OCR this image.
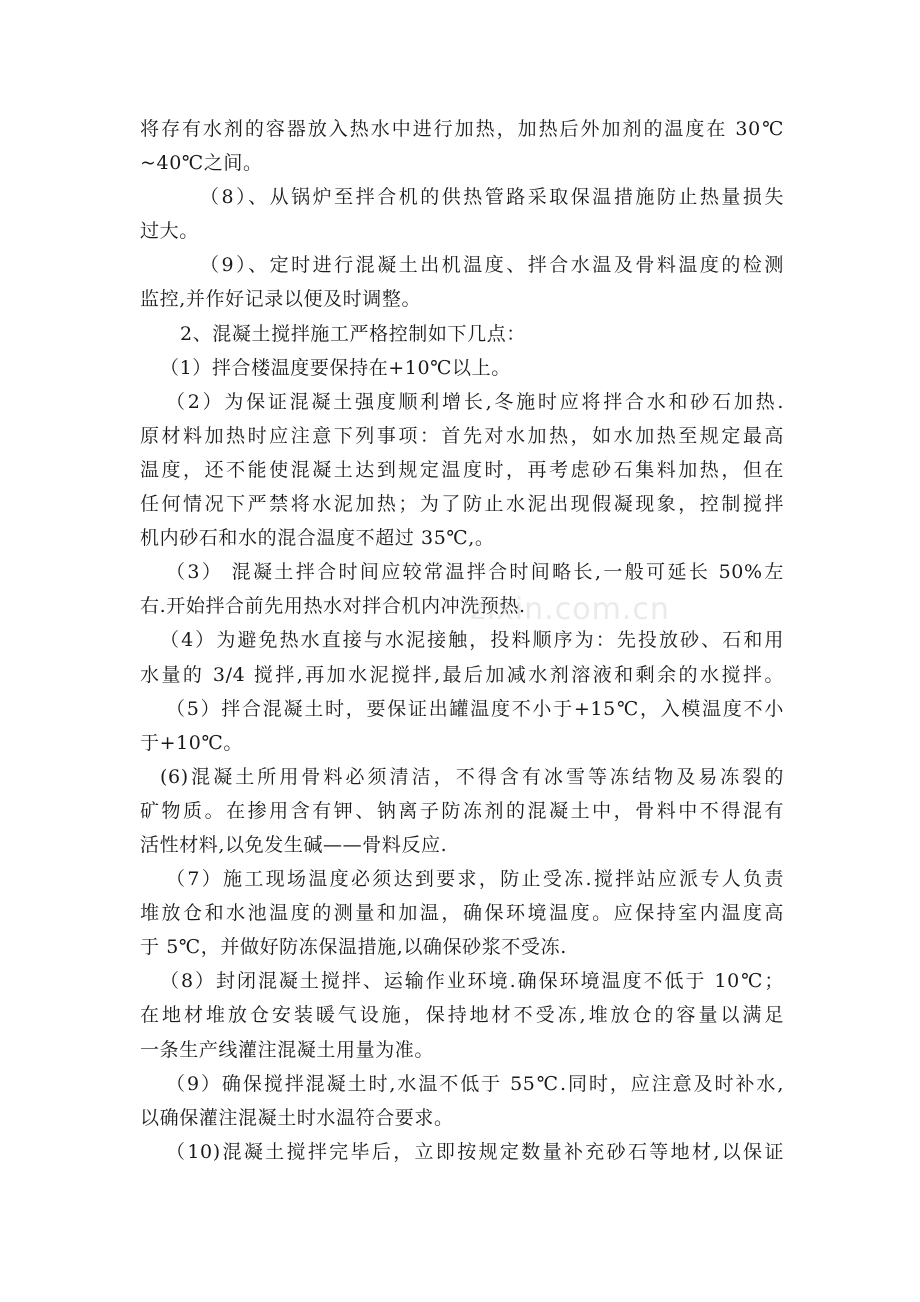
将存有水剂的容器放入热水中进行加热，加热后外加剂的温度在 30℃
~40℃之间。
（8）、从锅炉至拌合机的供热管路采取保温措施防止热量损失
过大。
（9）、定时进行混凝土出机温度、拌合水温及骨料温度的检测
监控,并作好记录以便及时调整。
2、混凝土搅拌施工严格控制如下几点：
（1）拌合楼温度要保持在+10℃以上。
（2）为保证混凝土强度顺利增长,冬施时应将拌合水和砂石加热.
原材料加热时应注意下列事项：首先对水加热，如水加热至规定最高
温度，还不能使混凝土达到规定温度时，再考虑砂石集料加热，但在
任何情况下严禁将水泥加热；为了防止水泥出现假凝现象，控制搅拌
机内砂石和水的混合温度不超过 35℃,。
（3） 混凝土拌合时间应较常温拌合时间略长,一般可延长 50%左
右.开始拌合前先用热水对拌合机内冲洗预热.
（4）为避免热水直接与水泥接触，投料顺序为：先投放砂、石和用
水量的 3/4 搅拌,再加水泥搅拌,最后加减水剂溶液和剩余的水搅拌。
（5）拌合混凝土时，要保证出罐温度不小于+15℃，入模温度不小
于+10℃。
(6)混凝土所用骨料必须清洁，不得含有冰雪等冻结物及易冻裂的
矿物质。在掺用含有钾、钠离子防冻剂的混凝土中，骨料中不得混有
活性材料,以免发生碱——骨料反应.
（7）施工现场温度必须达到要求，防止受冻.搅拌站应派专人负责
堆放仓和水池温度的测量和加温，确保环境温度。应保持室内温度高
于 5℃，并做好防冻保温措施,以确保砂浆不受冻.
（8）封闭混凝土搅拌、运输作业环境.确保环境温度不低于 10℃；
在地材堆放仓安装暖气设施，保持地材不受冻,堆放仓的容量以满足
一条生产线灌注混凝土用量为准。
（9）确保搅拌混凝土时,水温不低于 55℃.同时，应注意及时补水,
以确保灌注混凝土时水温符合要求。
（10)混凝土搅拌完毕后，立即按规定数量补充砂石等地材,以保证
zixin.com.cn
